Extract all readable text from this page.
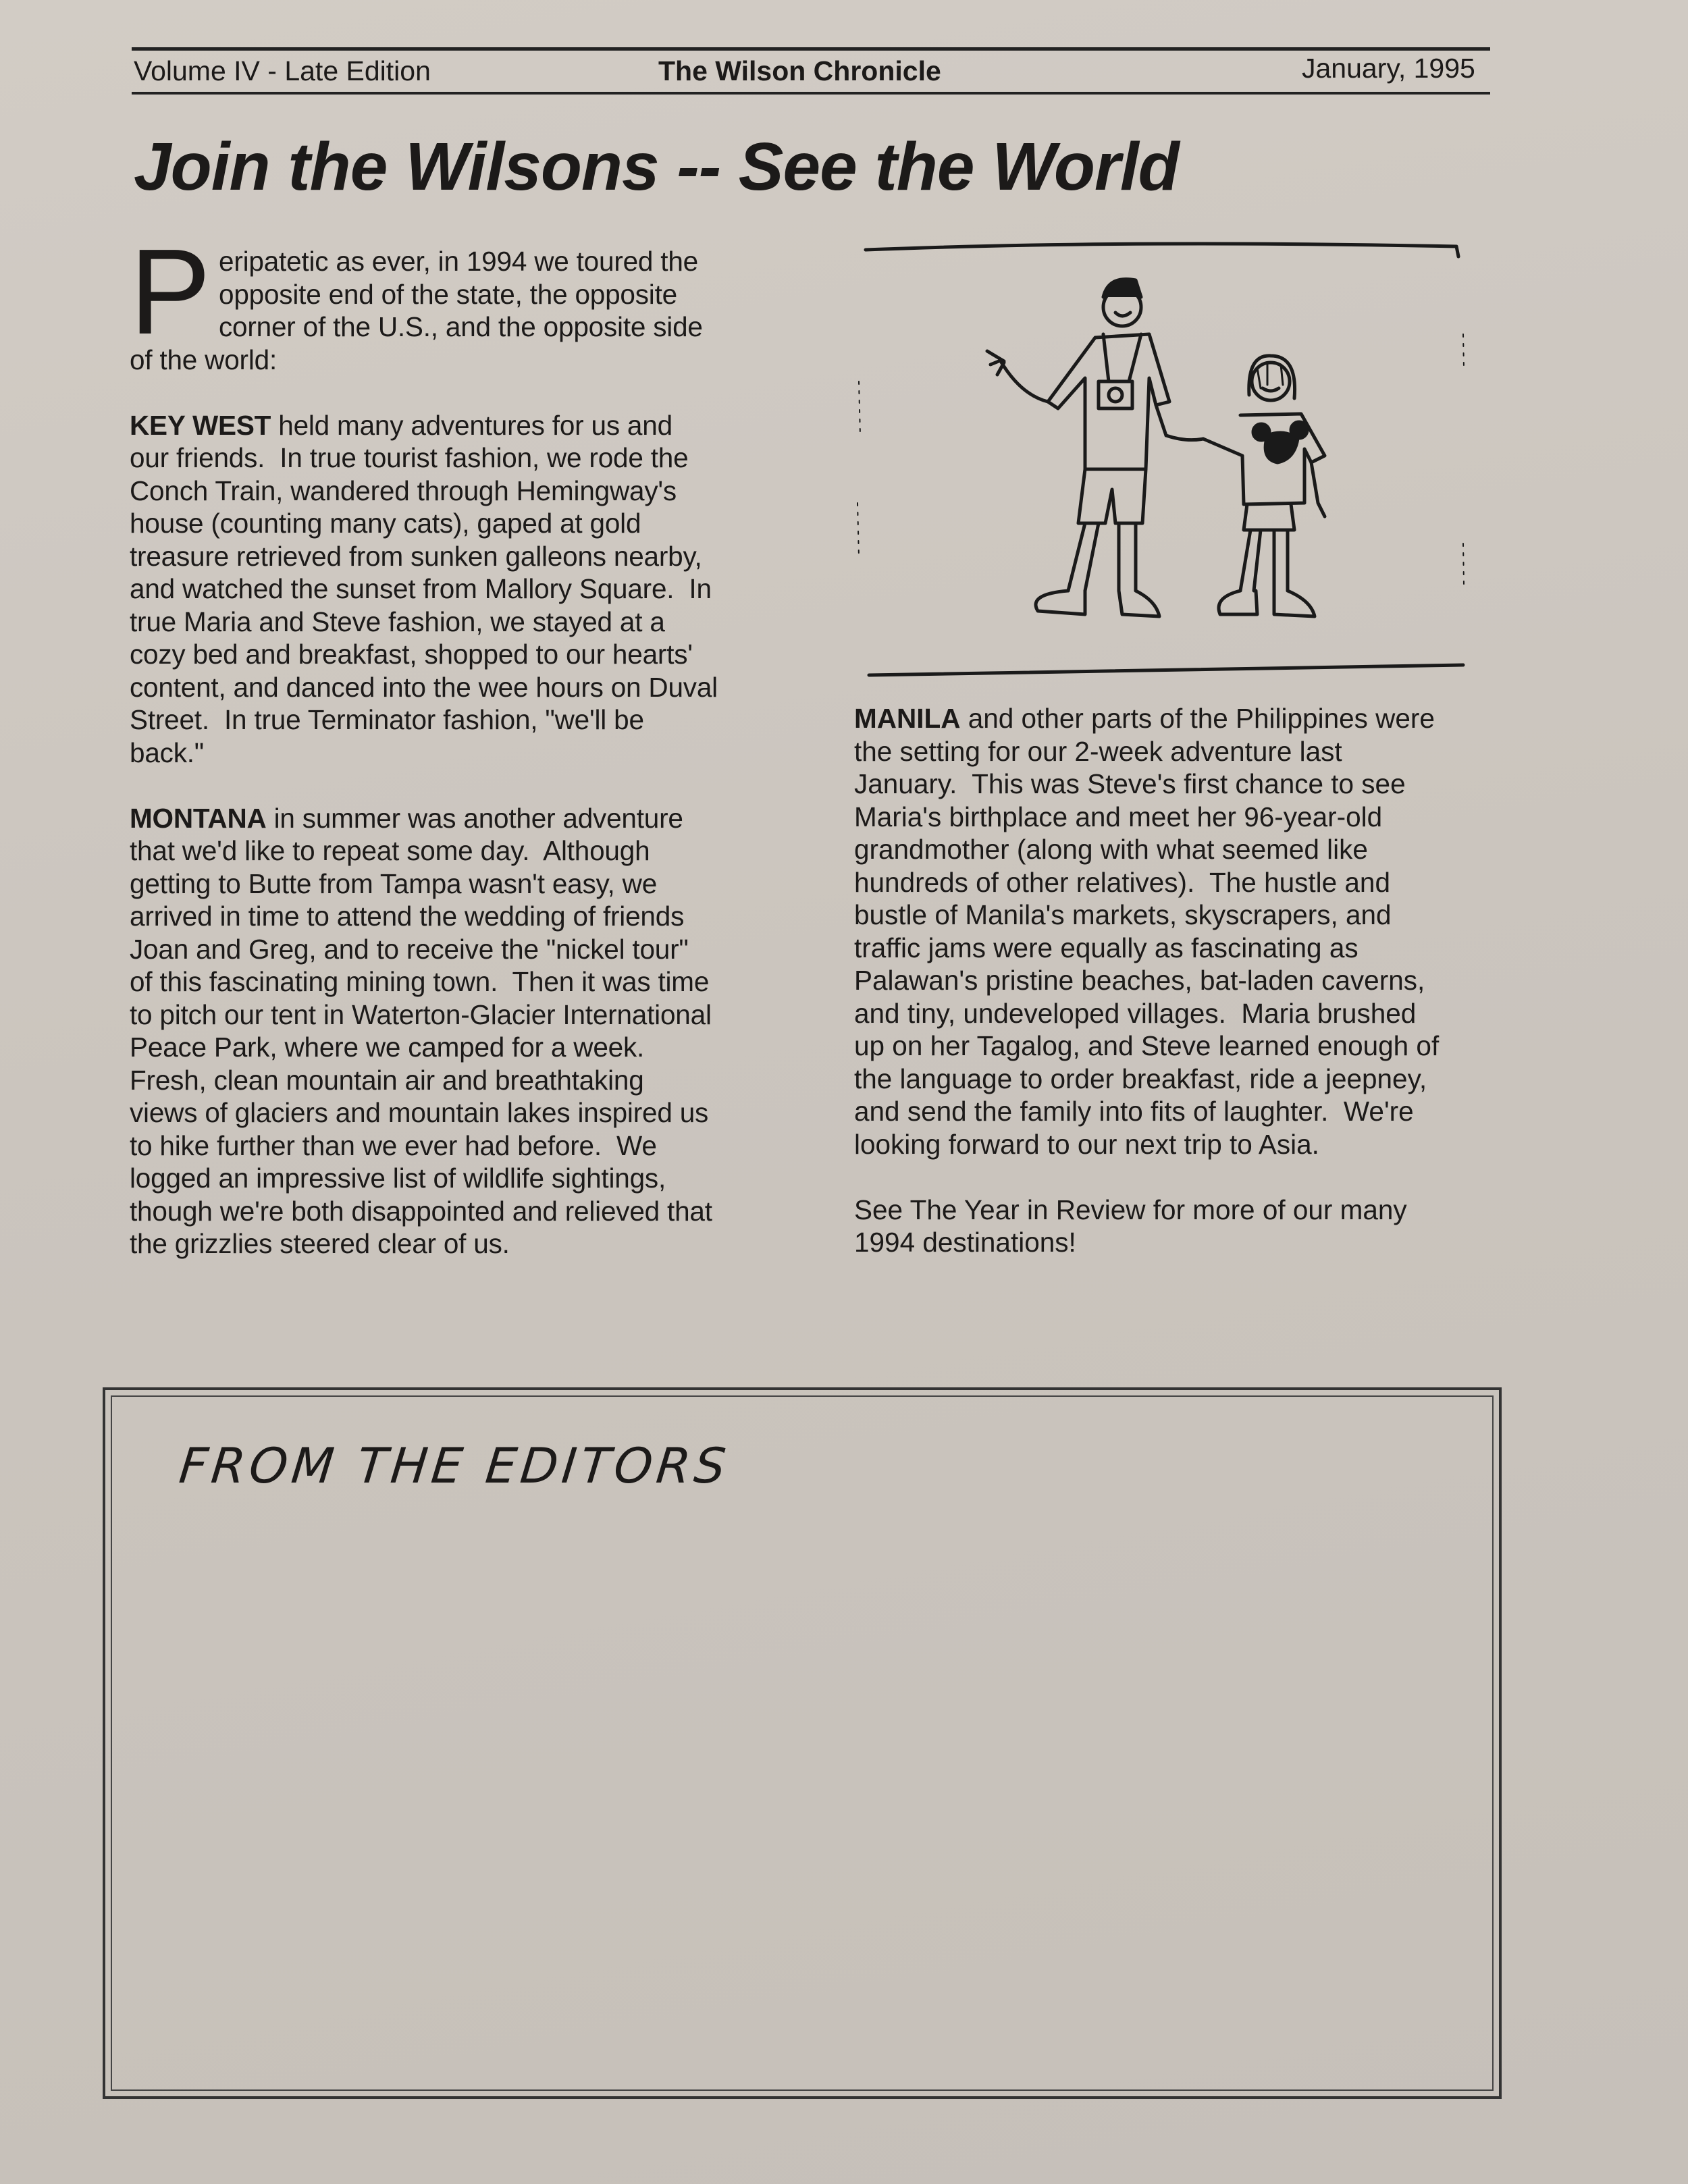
Volume IV - Late Edition	The Wilson Chronicle	January, 1995
Join the Wilsons -- See the World
P eripatetic as ever, in 1994 we toured the
opposite end of the state, the opposite
corner of the U.S., and the opposite side
of the world:
KEY WEST held many adventures for us and
our friends.  In true tourist fashion, we rode the
Conch Train, wandered through Hemingway's
house (counting many cats), gaped at gold
treasure retrieved from sunken galleons nearby,
and watched the sunset from Mallory Square.  In
true Maria and Steve fashion, we stayed at a
cozy bed and breakfast, shopped to our hearts'
content, and danced into the wee hours on Duval
Street.  In true Terminator fashion, "we'll be
back."
MONTANA in summer was another adventure
that we'd like to repeat some day.  Although
getting to Butte from Tampa wasn't easy, we
arrived in time to attend the wedding of friends
Joan and Greg, and to receive the "nickel tour"
of this fascinating mining town.  Then it was time
to pitch our tent in Waterton-Glacier International
Peace Park, where we camped for a week.
Fresh, clean mountain air and breathtaking
views of glaciers and mountain lakes inspired us
to hike further than we ever had before.  We
logged an impressive list of wildlife sightings,
though we're both disappointed and relieved that
the grizzlies steered clear of us.
MANILA and other parts of the Philippines were
the setting for our 2-week adventure last
January.  This was Steve's first chance to see
Maria's birthplace and meet her 96-year-old
grandmother (along with what seemed like
hundreds of other relatives).  The hustle and
bustle of Manila's markets, skyscrapers, and
traffic jams were equally as fascinating as
Palawan's pristine beaches, bat-laden caverns,
and tiny, undeveloped villages.  Maria brushed
up on her Tagalog, and Steve learned enough of
the language to order breakfast, ride a jeepney,
and send the family into fits of laughter.  We're
looking forward to our next trip to Asia.
See The Year in Review for more of our many
1994 destinations!
FROM THE EDITORS
